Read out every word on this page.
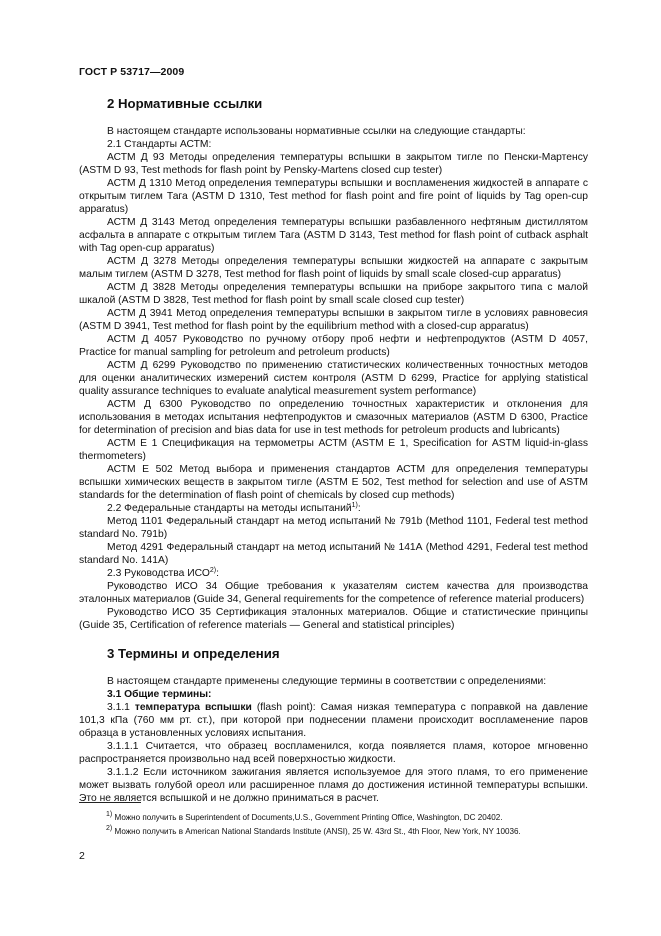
ГОСТ Р 53717—2009
2 Нормативные ссылки

В настоящем стандарте использованы нормативные ссылки на следующие стандарты:

2.1 Стандарты АСТМ:

АСТМ Д 93 Методы определения температуры вспышки в закрытом тигле по Пенски-Мартенсу (ASTM D 93, Test methods for flash point by Pensky-Martens closed cup tester)

АСТМ Д 1310 Метод определения температуры вспышки и воспламенения жидкостей в аппарате с открытым тиглем Тага (ASTM D 1310, Test method for flash point and fire point of liquids by Tag open-cup apparatus)

АСТМ Д 3143 Метод определения температуры вспышки разбавленного нефтяным дистиллятом асфальта в аппарате с открытым тиглем Тага (ASTM D 3143, Test method for flash point of cutback asphalt with Tag open-cup apparatus)

АСТМ Д 3278 Методы определения температуры вспышки жидкостей на аппарате с закрытым малым тиглем (ASTM D 3278, Test method for flash point of liquids by small scale closed-cup apparatus)

АСТМ Д 3828 Методы определения температуры вспышки на приборе закрытого типа с малой шкалой (ASTM D 3828, Test method for flash point by small scale closed cup tester)

АСТМ Д 3941 Метод определения температуры вспышки в закрытом тигле в условиях равновесия (ASTM D 3941, Test method for flash point by the equilibrium method with a closed-cup apparatus)

АСТМ Д 4057 Руководство по ручному отбору проб нефти и нефтепродуктов (ASTM D 4057, Practice for manual sampling for petroleum and petroleum products)

АСТМ Д 6299 Руководство по применению статистических количественных точностных методов для оценки аналитических измерений систем контроля (ASTM D 6299, Practice for applying statistical quality assurance techniques to evaluate analytical measurement system performance)

АСТМ Д 6300 Руководство по определению точностных характеристик и отклонения для использования в методах испытания нефтепродуктов и смазочных материалов (ASTM D 6300, Practice for determination of precision and bias data for use in test methods for petroleum products and lubricants)

АСТМ Е 1 Спецификация на термометры АСТМ (ASTM E 1, Specification for ASTM liquid-in-glass thermometers)

АСТМ Е 502 Метод выбора и применения стандартов АСТМ для определения температуры вспышки химических веществ в закрытом тигле (ASTM E 502, Test method for selection and use of ASTM standards for the determination of flash point of chemicals by closed cup methods)

2.2 Федеральные стандарты на методы испытаний$^{1)}$:

Метод 1101 Федеральный стандарт на метод испытаний № 791b (Method 1101, Federal test method standard No. 791b)

Метод 4291 Федеральный стандарт на метод испытаний № 141А (Method 4291, Federal test method standard No. 141A)

2.3 Руководства ИСО$^{2)}$:

Руководство ИСО 34 Общие требования к указателям систем качества для производства эталонных материалов (Guide 34, General requirements for the competence of reference material producers)

Руководство ИСО 35 Сертификация эталонных материалов. Общие и статистические принципы (Guide 35, Certification of reference materials — General and statistical principles)

3 Термины и определения

В настоящем стандарте применены следующие термины в соответствии с определениями:

3.1 Общие термины:

3.1.1 температура вспышки (flash point): Самая низкая температура с поправкой на давление 101,3 кПа (760 мм рт. ст.), при которой при поднесении пламени происходит воспламенение паров образца в установленных условиях испытания.

3.1.1.1 Считается, что образец воспламенился, когда появляется пламя, которое мгновенно распространяется произвольно над всей поверхностью жидкости.

3.1.1.2 Если источником зажигания является используемое для этого пламя, то его применение может вызвать голубой ореол или расширенное пламя до достижения истинной температуры вспышки. Это не является вспышкой и не должно приниматься в расчет.

$^{1)}$ Можно получить в Superintendent of Documents,U.S., Government Printing Office, Washington, DC 20402.
$^{2)}$ Можно получить в American National Standards Institute (ANSI), 25 W. 43rd St., 4th Floor, New York, NY 10036.
2
